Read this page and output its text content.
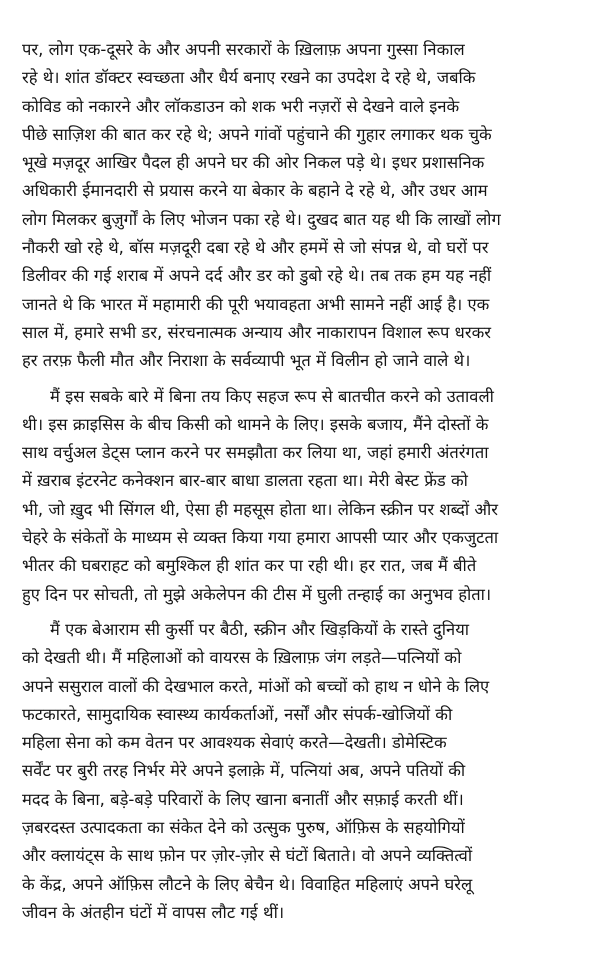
पर, लोग एक-दूसरे के और अपनी सरकारों के ख़िलाफ़ अपना गुस्सा निकाल
रहे थे। शांत डॉक्टर स्वच्छता और धैर्य बनाए रखने का उपदेश दे रहे थे, जबकि
कोविड को नकारने और लॉकडाउन को शक भरी नज़रों से देखने वाले इनके
पीछे साज़िश की बात कर रहे थे; अपने गांवों पहुंचाने की गुहार लगाकर थक चुके
भूखे मज़दूर आखिर पैदल ही अपने घर की ओर निकल पड़े थे। इधर प्रशासनिक
अधिकारी ईमानदारी से प्रयास करने या बेकार के बहाने दे रहे थे, और उधर आम
लोग मिलकर बुज़ुर्गों के लिए भोजन पका रहे थे। दुखद बात यह थी कि लाखों लोग
नौकरी खो रहे थे, बॉस मज़दूरी दबा रहे थे और हममें से जो संपन्न थे, वो घरों पर
डिलीवर की गई शराब में अपने दर्द और डर को डुबो रहे थे। तब तक हम यह नहीं
जानते थे कि भारत में महामारी की पूरी भयावहता अभी सामने नहीं आई है। एक
साल में, हमारे सभी डर, संरचनात्मक अन्याय और नाकारापन विशाल रूप धरकर
हर तरफ़ फैली मौत और निराशा के सर्वव्यापी भूत में विलीन हो जाने वाले थे।
मैं इस सबके बारे में बिना तय किए सहज रूप से बातचीत करने को उतावली
थी। इस क्राइसिस के बीच किसी को थामने के लिए। इसके बजाय, मैंने दोस्तों के
साथ वर्चुअल डेट्स प्लान करने पर समझौता कर लिया था, जहां हमारी अंतरंगता
में ख़राब इंटरनेट कनेक्शन बार-बार बाधा डालता रहता था। मेरी बेस्ट फ्रेंड को
भी, जो ख़ुद भी सिंगल थी, ऐसा ही महसूस होता था। लेकिन स्क्रीन पर शब्दों और
चेहरे के संकेतों के माध्यम से व्यक्त किया गया हमारा आपसी प्यार और एकजुटता
भीतर की घबराहट को बमुश्किल ही शांत कर पा रही थी। हर रात, जब मैं बीते
हुए दिन पर सोचती, तो मुझे अकेलेपन की टीस में घुली तन्हाई का अनुभव होता।
मैं एक बेआराम सी कुर्सी पर बैठी, स्क्रीन और खिड़कियों के रास्ते दुनिया
को देखती थी। मैं महिलाओं को वायरस के ख़िलाफ़ जंग लड़ते—पत्नियों को
अपने ससुराल वालों की देखभाल करते, मांओं को बच्चों को हाथ न धोने के लिए
फटकारते, सामुदायिक स्वास्थ्य कार्यकर्ताओं, नर्सों और संपर्क-खोजियों की
महिला सेना को कम वेतन पर आवश्यक सेवाएं करते—देखती। डोमेस्टिक
सर्वेंट पर बुरी तरह निर्भर मेरे अपने इलाक़े में, पत्नियां अब, अपने पतियों की
मदद के बिना, बड़े-बड़े परिवारों के लिए खाना बनातीं और सफ़ाई करती थीं।
ज़बरदस्त उत्पादकता का संकेत देने को उत्सुक पुरुष, ऑफ़िस के सहयोगियों
और क्लायंट्स के साथ फ़ोन पर ज़ोर-ज़ोर से घंटों बिताते। वो अपने व्यक्तित्वों
के केंद्र, अपने ऑफ़िस लौटने के लिए बेचैन थे। विवाहित महिलाएं अपने घरेलू
जीवन के अंतहीन घंटों में वापस लौट गई थीं।
